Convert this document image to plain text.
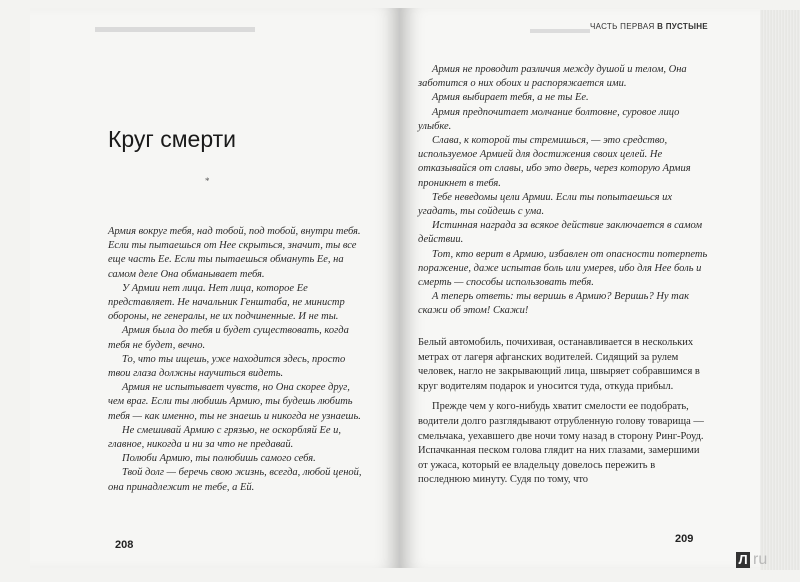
ЧАСТЬ ПЕРВАЯ В ПУСТЫНЕ
Круг смерти
*

Армия вокруг тебя, над тобой, под тобой, внутри тебя. Если ты пытаешься от Нее скрыться, значит, ты все еще часть Ее. Если ты пытаешься обмануть Ее, на самом деле Она обманывает тебя.

У Армии нет лица. Нет лица, которое Ее представляет. Не начальник Генштаба, не министр обороны, не генералы, не их подчиненные. И не ты.

Армия была до тебя и будет существовать, когда тебя не будет, вечно.

То, что ты ищешь, уже находится здесь, просто твои глаза должны научиться видеть.

Армия не испытывает чувств, но Она скорее друг, чем враг. Если ты любишь Армию, ты будешь любить тебя — как именно, ты не знаешь и никогда не узнаешь.

Не смешивай Армию с грязью, не оскорбляй Ее и, главное, никогда и ни за что не предавай.

Полюби Армию, ты полюбишь самого себя.

Твой долг — беречь свою жизнь, всегда, любой ценой, она принадлежит не тебе, а Ей.

Армия не проводит различия между душой и телом, Она заботится о них обоих и распоряжается ими.

Армия выбирает тебя, а не ты Ее.

Армия предпочитает молчание болтовне, суровое лицо улыбке.

Слава, к которой ты стремишься, — это средство, используемое Армией для достижения своих целей. Не отказывайся от славы, ибо это дверь, через которую Армия проникнет в тебя.

Тебе неведомы цели Армии. Если ты попытаешься их угадать, ты сойдешь с ума.

Истинная награда за всякое действие заключается в самом действии.

Тот, кто верит в Армию, избавлен от опасности потерпеть поражение, даже испытав боль или умерев, ибо для Нее боль и смерть — способы использовать тебя.

А теперь ответь: ты веришь в Армию? Веришь? Ну так скажи об этом! Скажи!

Белый автомобиль, почихивая, останавливается в нескольких метрах от лагеря афганских водителей. Сидящий за рулем человек, нагло не закрывающий лица, швыряет собравшимся в круг водителям подарок и уносится туда, откуда прибыл.

Прежде чем у кого-нибудь хватит смелости ее подобрать, водители долго разглядывают отрубленную голову товарища — смельчака, уехавшего две ночи тому назад в сторону Ринг-Роуд. Испачканная песком голова глядит на них глазами, замершими от ужаса, который ее владельцу довелось пережить в последнюю минуту. Судя по тому, что

208	209
Л ru
